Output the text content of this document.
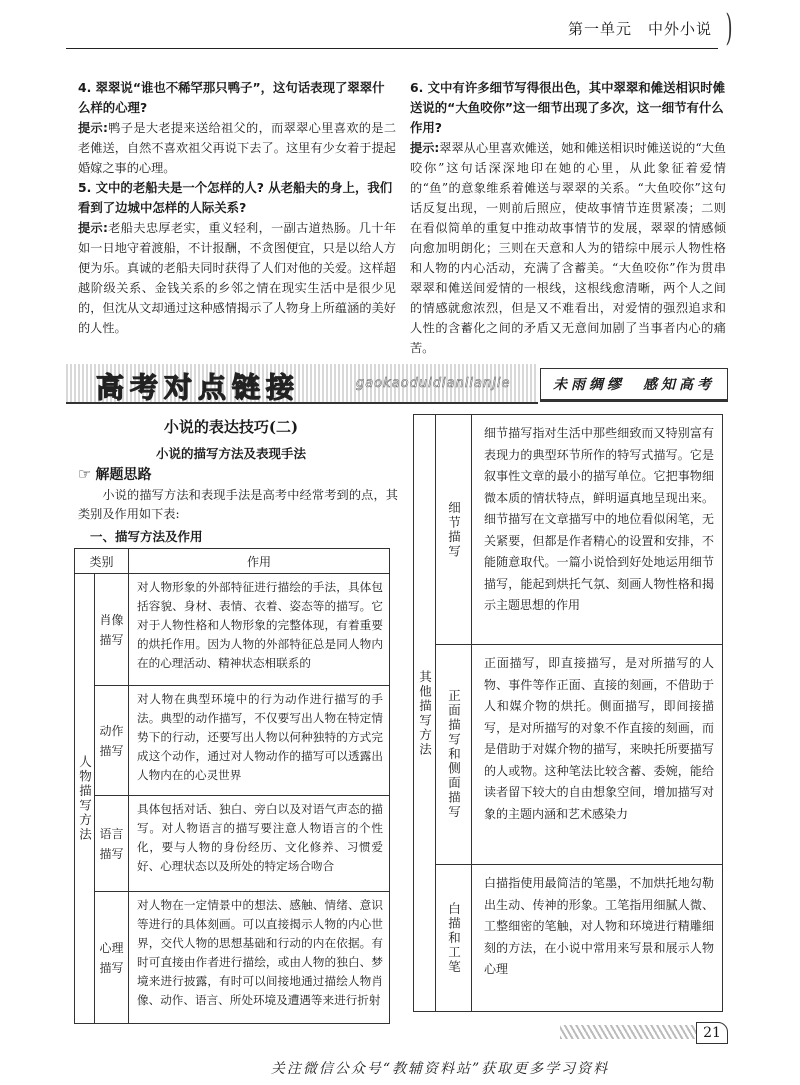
第一单元　中外小说 )

4. 翠翠说“谁也不稀罕那只鸭子”，这句话表现了翠翠什么样的心理?

提示:鸭子是大老提来送给祖父的，而翠翠心里喜欢的是二老傩送，自然不喜欢祖父再说下去了。这里有少女着于提起婚嫁之事的心理。

5. 文中的老船夫是一个怎样的人? 从老船夫的身上，我们看到了边城中怎样的人际关系?

提示:老船夫忠厚老实，重义轻利，一副古道热肠。几十年如一日地守着渡船，不计报酬，不贪图便宜，只是以给人方便为乐。真诚的老船夫同时获得了人们对他的关爱。这样超越阶级关系、金钱关系的乡邻之情在现实生活中是很少见的，但沈从文却通过这种感情揭示了人物身上所蕴涵的美好的人性。

6. 文中有许多细节写得很出色，其中翠翠和傩送相识时傩送说的“大鱼咬你”这一细节出现了多次，这一细节有什么作用?

提示:翠翠从心里喜欢傩送，她和傩送相识时傩送说的“大鱼咬你”这句话深深地印在她的心里，从此象征着爱情的“鱼”的意象维系着傩送与翠翠的关系。“大鱼咬你”这句话反复出现，一则前后照应，使故事情节连贯紧凑；二则在看似简单的重复中推动故事情节的发展，翠翠的情感倾向愈加明朗化；三则在天意和人为的错综中展示人物性格和人物的内心活动，充满了含蓄美。“大鱼咬你”作为贯串翠翠和傩送间爱情的一根线，这根线愈清晰，两个人之间的情感就愈浓烈，但是又不难看出，对爱情的强烈追求和人性的含蓄化之间的矛盾又无意间加剧了当事者内心的痛苦。

高考对点链接	gaokaoduidianlianjie	未雨绸缪　感知高考
小说的表达技巧(二)
小说的描写方法及表现手法
☞ 解题思路
小说的描写方法和表现手法是高考中经常考到的点，其类别及作用如下表:
一、描写方法及作用
类别		作用

人物描写方法	肖像描写	对人物形象的外部特征进行描绘的手法，具体包括容貌、身材、表情、衣着、姿态等的描写。它对于人物性格和人物形象的完整体现，有着重要的烘托作用。因为人物的外部特征总是同人物内在的心理活动、精神状态相联系的
	动作描写	对人物在典型环境中的行为动作进行描写的手法。典型的动作描写，不仅要写出人物在特定情势下的行动，还要写出人物以何种独特的方式完成这个动作，通过对人物动作的描写可以透露出人物内在的心灵世界
	语言描写	具体包括对话、独白、旁白以及对语气声态的描写。对人物语言的描写要注意人物语言的个性化，要与人物的身份经历、文化修养、习惯爱好、心理状态以及所处的特定场合吻合
	心理描写	对人物在一定情景中的想法、感触、情绪、意识等进行的具体刻画。可以直接揭示人物的内心世界，交代人物的思想基础和行动的内在依据。有时可直接由作者进行描绘，或由人物的独白、梦境来进行披露，有时可以间接地通过描绘人物肖像、动作、语言、所处环境及遭遇等来进行折射
其他描写方法	细节描写	细节描写指对生活中那些细致而又特别富有表现力的典型环节所作的特写式描写。它是叙事性文章的最小的描写单位。它把事物细微本质的情状特点，鲜明逼真地呈现出来。细节描写在文章描写中的地位看似闲笔，无关紧要，但都是作者精心的设置和安排，不能随意取代。一篇小说恰到好处地运用细节描写，能起到烘托气氛、刻画人物性格和揭示主题思想的作用

	正面描写和侧面描写	正面描写，即直接描写，是对所描写的人物、事件等作正面、直接的刻画，不借助于人和媒介物的烘托。侧面描写，即间接描写，是对所描写的对象不作直接的刻画，而是借助于对媒介物的描写，来映托所要描写的人或物。这种笔法比较含蓄、委婉，能给读者留下较大的自由想象空间，增加描写对象的主题内涵和艺术感染力

	白描和工笔	白描指使用最简洁的笔墨，不加烘托地勾勒出生动、传神的形象。工笔指用细腻人微、工整细密的笔触，对人物和环境进行精雕细刻的方法，在小说中常用来写景和展示人物心理
21
关注微信公众号“教辅资料站”获取更多学习资料
